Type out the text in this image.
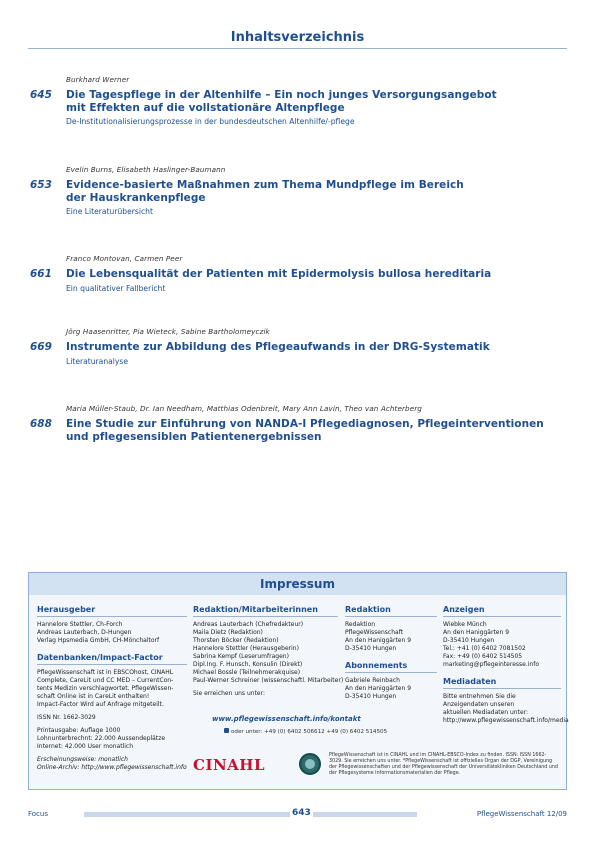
Inhaltsverzeichnis
Burkhard Werner
645	Die Tagespflege in der Altenhilfe – Ein noch junges Versorgungsangebot
mit Effekten auf die vollstationäre Altenpflege
De-Institutionalisierungsprozesse in der bundesdeutschen Altenhilfe/-pflege
Evelin Burns, Elisabeth Haslinger-Baumann
653	Evidence-basierte Maßnahmen zum Thema Mundpflege im Bereich
der Hauskrankenpflege
Eine Literaturübersicht
Franco Montovan, Carmen Peer
661	Die Lebensqualität der Patienten mit Epidermolysis bullosa hereditaria
Ein qualitativer Fallbericht
Jörg Haasenritter, Pia Wieteck, Sabine Bartholomeyczik
669	Instrumente zur Abbildung des Pflegeaufwands in der DRG-Systematik
Literaturanalyse
Maria Müller-Staub, Dr. Ian Needham, Matthias Odenbreit, Mary Ann Lavin, Theo van Achterberg
688	Eine Studie zur Einführung von NANDA-I Pflegediagnosen, Pflegeinterventionen
und pflegesensiblen Patientenergebnissen
Impressum
Herausgeber
Hannelore Stettler, Ch-Forch
Andreas Lauterbach, D-Hungen
Verlag Hpsmedia GmbH, CH-Mönchaltorf
Datenbanken/Impact-Factor
PflegeWissenschaft ist in EBSCOhost, CINAHL
Complete, CareLit und CC MED – CurrentCon-
tents Medizin verschlagwortet. PflegeWissen-
schaft Online ist in CareLit enthalten!
Impact-Factor Wird auf Anfrage mitgeteilt.
ISSN Nr. 1662-3029
Printausgabe: Auflage 1000
Lohnunterbrechnt: 22.000 Aussendeplätze
Internet: 42.000 User monatlich
Erscheinungsweise: monatlich
Online-Archiv: http://www.pflegewissenschaft.info
Redaktion/Mitarbeiterinnen
Andreas Lauterbach (Chefredakteur)
Maila Dietz (Redaktion)
Thorsten Böcker (Redaktion)
Hannelore Stettler (Herausgeberin)
Sabrina Kempf (Leserumfragen)
Dipl.Ing. F. Hunsch, Konsulin (Direkt)
Michael Bossle (Teilnehmerakquise)
Paul-Werner Schreiner (wissenschaftl. Mitarbeiter)
Sie erreichen uns unter:
Redaktion
Redaktion
PflegeWissenschaft
An den Haniggärten 9
D-35410 Hungen
Abonnements
Gabriele Reinbach
An den Haniggärten 9
D-35410 Hungen
Anzeigen
Wiebke Münch
An den Haniggärten 9
D-35410 Hungen
Tel.: +41 (0) 6402 7081502
Fax: +49 (0) 6402 514505
marketing@pflegeinteresse.info
Mediadaten
Bitte entnehmen Sie die
Anzeigendaten unseren
aktuellen Mediadaten unter:
http://www.pflegewissenschaft.info/media
www.pflegewissenschaft.info/kontakt
oder unter: +49 (0) 6402 506612 +49 (0) 6402 514505
CINAHL
PflegeWissenschaft ist in CINAHL und im CINAHL-EBSCO-Index zu finden. ISSN: ISSN 1662-3029. Sie erreichen uns unter. *PflegeWissenschaft ist offizielles Organ der DGP, Vereinigung der Pflegewissenschaften und der Pflegewissenschaft der Universitätskliniken Deutschland und der Pflegesysteme Informationsmaterialien der Pflege.
Focus	643	PflegeWissenschaft 12/09
